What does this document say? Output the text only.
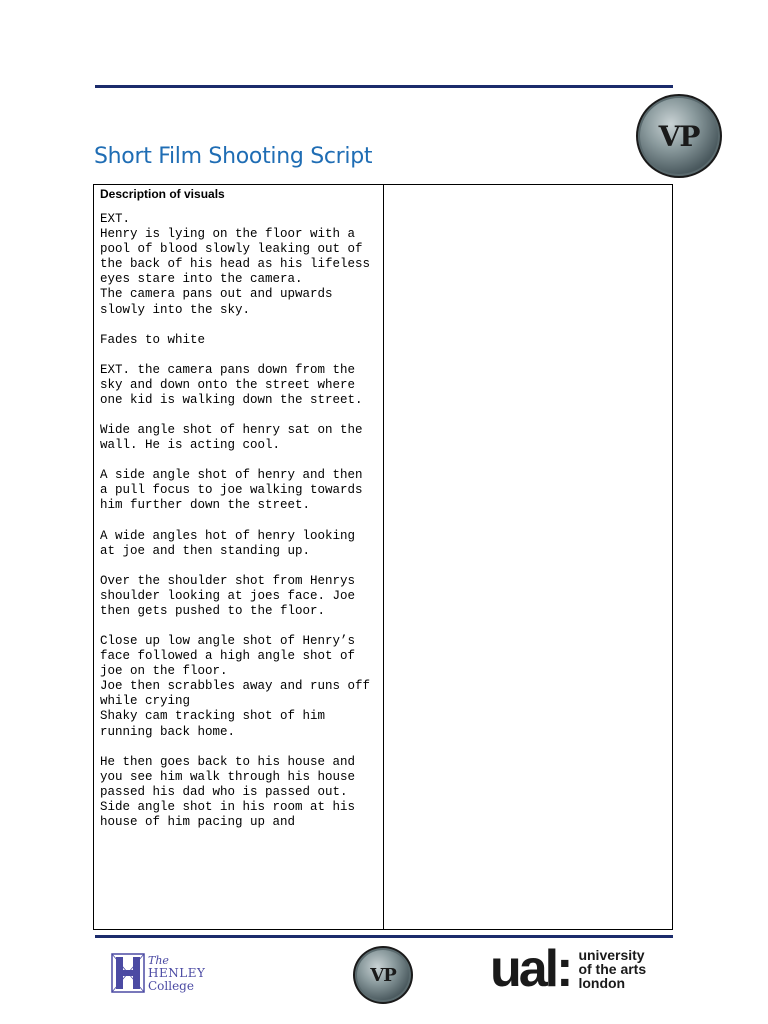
VP
Short Film Shooting Script
Description of visuals
EXT.
Henry is lying on the floor with a pool of blood slowly leaking out of the back of his head as his lifeless eyes stare into the camera.
The camera pans out and upwards slowly into the sky.
Fades to white
EXT. the camera pans down from the sky and down onto the street where one kid is walking down the street.
Wide angle shot of henry sat on the wall. He is acting cool.
A side angle shot of henry and then a pull focus to joe walking towards him further down the street.
A wide angles hot of henry looking at joe and then standing up.
Over the shoulder shot from Henrys shoulder looking at joes face. Joe then gets pushed to the floor.
Close up low angle shot of Henry’s face followed a high angle shot of joe on the floor.
Joe then scrabbles away and runs off while crying
Shaky cam tracking shot of him running back home.
He then goes back to his house and you see him walk through his house passed his dad who is passed out.
Side angle shot in his room at his house of him pacing up and
The
HENLEY
College	VP ual: university
of the arts
london
